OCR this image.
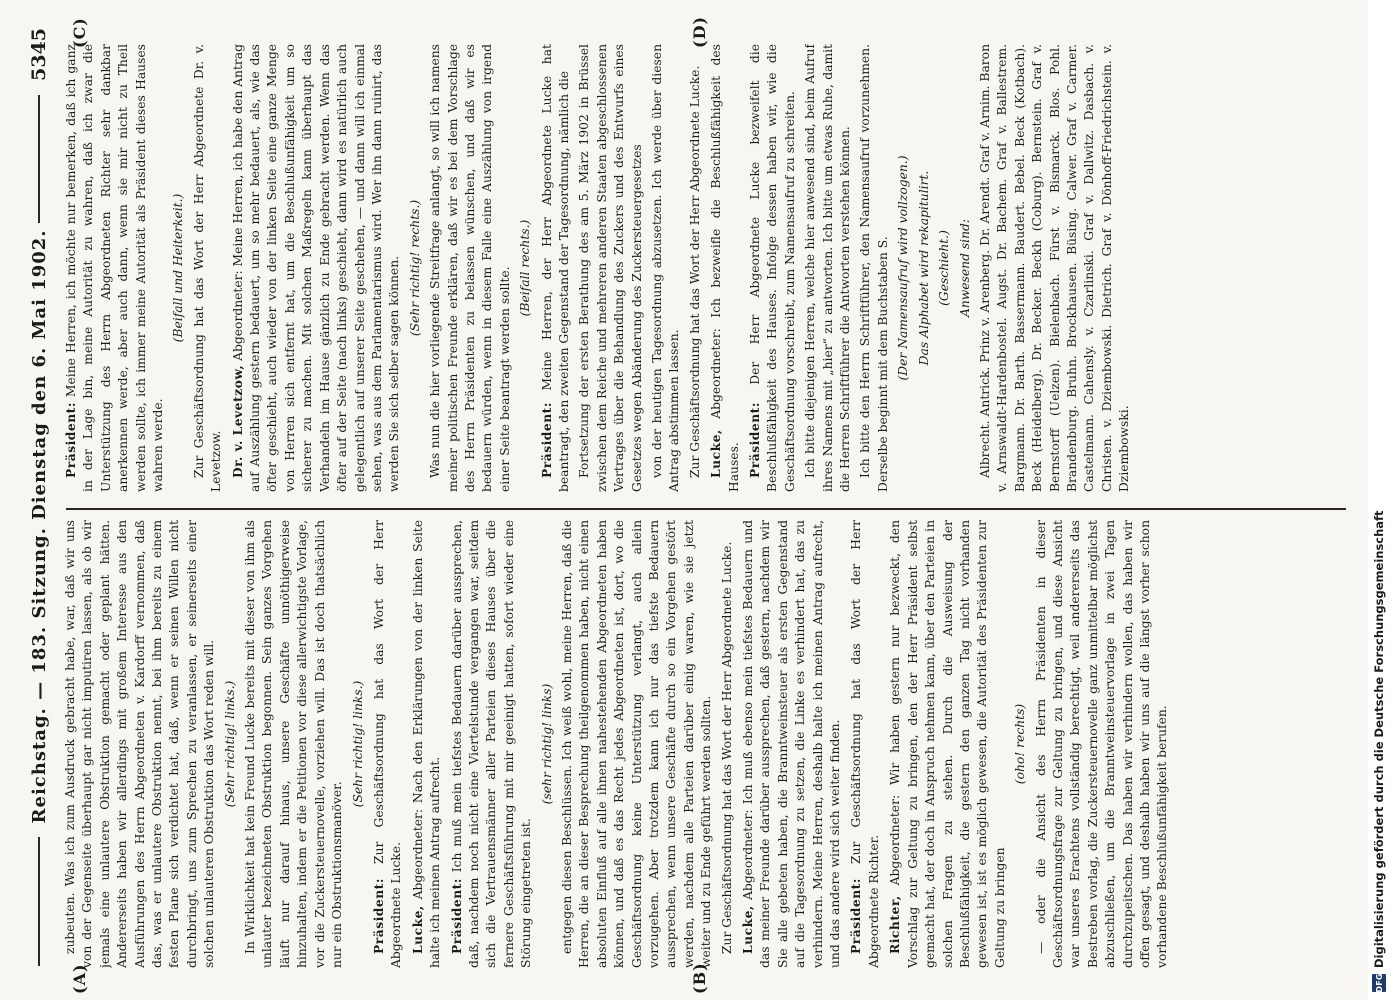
Reichstag. — 183. Sitzung. Dienstag den 6. Mai 1902.
5345
(A)	(B)
(C)	(D)

zubeuten. Was ich zum Ausdruck gebracht habe, war, daß wir uns von der Gegenseite überhaupt gar nicht imputiren lassen, als ob wir jemals eine unlautere Obstruktion gemacht oder geplant hätten. Andererseits haben wir allerdings mit großem Interesse aus den Ausführungen des Herrn Abgeordneten v. Kardorff vernommen, daß das, was er unlautere Obstruktion nennt, bei ihm bereits zu einem festen Plane sich verdichtet hat, daß, wenn er seinen Willen nicht durchbringt, uns zum Sprechen zu veranlassen, er seinerseits einer solchen unlauteren Obstruktion das Wort reden will. (Sehr richtig! links.) In Wirklichkeit hat kein Freund Lucke bereits mit dieser von ihm als unlauter bezeichneten Obstruktion begonnen. Sein ganzes Vorgehen läuft nur darauf hinaus, unsere Geschäfte unnöthigerweise hinzuhalten, indem er die Petitionen vor diese allerwichtigste Vorlage, vor die Zuckersteuernovelle, vorziehen will. Das ist doch thatsächlich nur ein Obstruktionsmanöver.

(Sehr richtig! links.)

Präsident: Zur Geschäftsordnung hat das Wort der Herr Abgeordnete Lucke. Lucke, Abgeordneter: Nach den Erklärungen von der linken Seite halte ich meinen Antrag aufrecht. Präsident: Ich muß mein tiefstes Bedauern darüber aussprechen, daß, nachdem noch nicht eine Viertelstunde vergangen war, seitdem sich die Vertrauensmänner aller Parteien dieses Hauses über die fernere Geschäftsführung mit mir geeinigt hatten, sofort wieder eine Störung eingetreten ist.

(sehr richtig! links) entgegen diesen Beschlüssen. Ich weiß wohl, meine Herren, daß die Herren, die an dieser Besprechung theilgenommen haben, nicht einen absoluten Einfluß auf alle ihnen nahestehenden Abgeordneten haben können, und daß es das Recht jedes Abgeordneten ist, dort, wo die Geschäftsordnung keine Unterstützung verlangt, auch allein vorzugehen. Aber trotzdem kann ich nur das tiefste Bedauern aussprechen, wenn unsere Geschäfte durch so ein Vorgehen gestört werden, nachdem alle Parteien darüber einig waren, wie sie jetzt weiter und zu Ende geführt werden sollten. Zur Geschäftsordnung hat das Wort der Herr Abgeordnete Lucke. Lucke, Abgeordneter: Ich muß ebenso mein tiefstes Bedauern und das meiner Freunde darüber aussprechen, daß gestern, nachdem wir Sie alle gebeten haben, die Branntweinsteuer als ersten Gegenstand auf die Tagesordnung zu setzen, die Linke es verhindert hat, das zu verhindern. Meine Herren, deshalb halte ich meinen Antrag aufrecht, und das andere wird sich weiter finden. Präsident: Zur Geschäftsordnung hat das Wort der Herr Abgeordnete Richter. Richter, Abgeordneter: Wir haben gestern nur bezweckt, den Vorschlag zur Geltung zu bringen, den der Herr Präsident selbst gemacht hat, der doch in Anspruch nehmen kann, über den Parteien in solchen Fragen zu stehen. Durch die Ausweisung der Beschlußfähigkeit, die gestern den ganzen Tag nicht vorhanden gewesen ist, ist es möglich gewesen, die Autorität des Präsidenten zur Geltung zu bringen

(oho! rechts) — oder die Ansicht des Herrn Präsidenten in dieser Geschäftsordnungsfrage zur Geltung zu bringen, und diese Ansicht war unseres Erachtens vollständig berechtigt, weil andererseits das Bestreben vorlag, die Zuckersteuernovelle ganz unmittelbar möglichst abzuschließen, um die Branntweinsteuervorlage in zwei Tagen durchzupeitschen. Das haben wir verhindern wollen, das haben wir offen gesagt, und deshalb haben wir uns auf die längst vorher schon vorhandene Beschlußunfähigkeit berufen.

Präsident: Meine Herren, ich möchte nur bemerken, daß ich ganz in der Lage bin, meine Autorität zu wahren, daß ich zwar die Unterstützung des Herrn Abgeordneten Richter sehr dankbar anerkennen werde, aber auch dann, wenn sie mir nicht zu Theil werden sollte, ich immer meine Autorität als Präsident dieses Hauses wahren werde.

(Beifall und Heiterkeit.) Zur Geschäftsordnung hat das Wort der Herr Abgeordnete Dr. v. Levetzow. Dr. v. Levetzow, Abgeordneter: Meine Herren, ich habe den Antrag auf Auszählung gestern bedauert, um so mehr bedauert, als, wie das öfter geschieht, auch wieder von der linken Seite eine ganze Menge von Herren sich entfernt hat, um die Beschlußunfähigkeit um so sicherer zu machen. Mit solchen Maßregeln kann überhaupt das Verhandeln im Hause gänzlich zu Ende gebracht werden. Wenn das öfter auf der Seite (nach links) geschieht, dann wird es natürlich auch gelegentlich auf unserer Seite geschehen, — und dann will ich einmal sehen, was aus dem Parlamentarismus wird. Wer ihn dann ruinirt, das werden Sie sich selber sagen können. (Sehr richtig! rechts.) Was nun die hier vorliegende Streitfrage anlangt, so will ich namens meiner politischen Freunde erklären, daß wir es bei dem Vorschlage des Herrn Präsidenten zu belassen wünschen, und daß wir es bedauern würden, wenn in diesem Falle eine Auszählung von irgend einer Seite beantragt werden sollte. (Beifall rechts.)

Präsident: Meine Herren, der Herr Abgeordnete Lucke hat beantragt, den zweiten Gegenstand der Tagesordnung, nämlich die Fortsetzung der ersten Berathung des am 5. März 1902 in Brüssel zwischen dem Reiche und mehreren anderen Staaten abgeschlossenen Vertrages über die Behandlung des Zuckers und des Entwurfs eines Gesetzes wegen Abänderung des Zuckersteuergesetzes von der heutigen Tagesordnung abzusetzen. Ich werde über diesen Antrag abstimmen lassen. Zur Geschäftsordnung hat das Wort der Herr Abgeordnete Lucke. Lucke, Abgeordneter: Ich bezweifle die Beschlußfähigkeit des Hauses. Präsident: Der Herr Abgeordnete Lucke bezweifelt die Beschlußfähigkeit des Hauses. Infolge dessen haben wir, wie die Geschäftsordnung vorschreibt, zum Namensaufruf zu schreiten. Ich bitte diejenigen Herren, welche hier anwesend sind, beim Aufruf ihres Namens mit „hier“ zu antworten. Ich bitte um etwas Ruhe, damit die Herren Schriftführer die Antworten verstehen können. Ich bitte den Herrn Schriftführer, den Namensaufruf vorzunehmen. Derselbe beginnt mit dem Buchstaben S. (Der Namensaufruf wird vollzogen.) Das Alphabet wird rekapitulirt. (Geschieht.) Anwesend sind: Albrecht. Antrick. Prinz v. Arenberg. Dr. Arendt. Graf v. Arnim. Baron v. Arnswaldt-Hardenbostel. Augst. Dr. Bachem. Graf v. Ballestrem. Bargmann. Dr. Barth. Bassermann. Baudert. Bebel. Beck (Kotbach). Beck (Heidelberg). Dr. Becker. Beckh (Coburg). Bernstein. Graf v. Bernstorff (Uelzen). Bielenbach. Fürst v. Bismarck. Blos. Pohl. Brandenburg. Bruhn. Brockhausen. Büsing. Calwer. Graf v. Carmer. Castelmann. Cahensly. v. Czarlinski. Graf v. Dallwitz. Dasbach. v. Christen. v. Dziembowski. Dietrich. Graf v. Dönhoff-Friedrichstein. v. Dziembowski.

DFG
Digitalisierung gefördert durch die Deutsche Forschungsgemeinschaft
